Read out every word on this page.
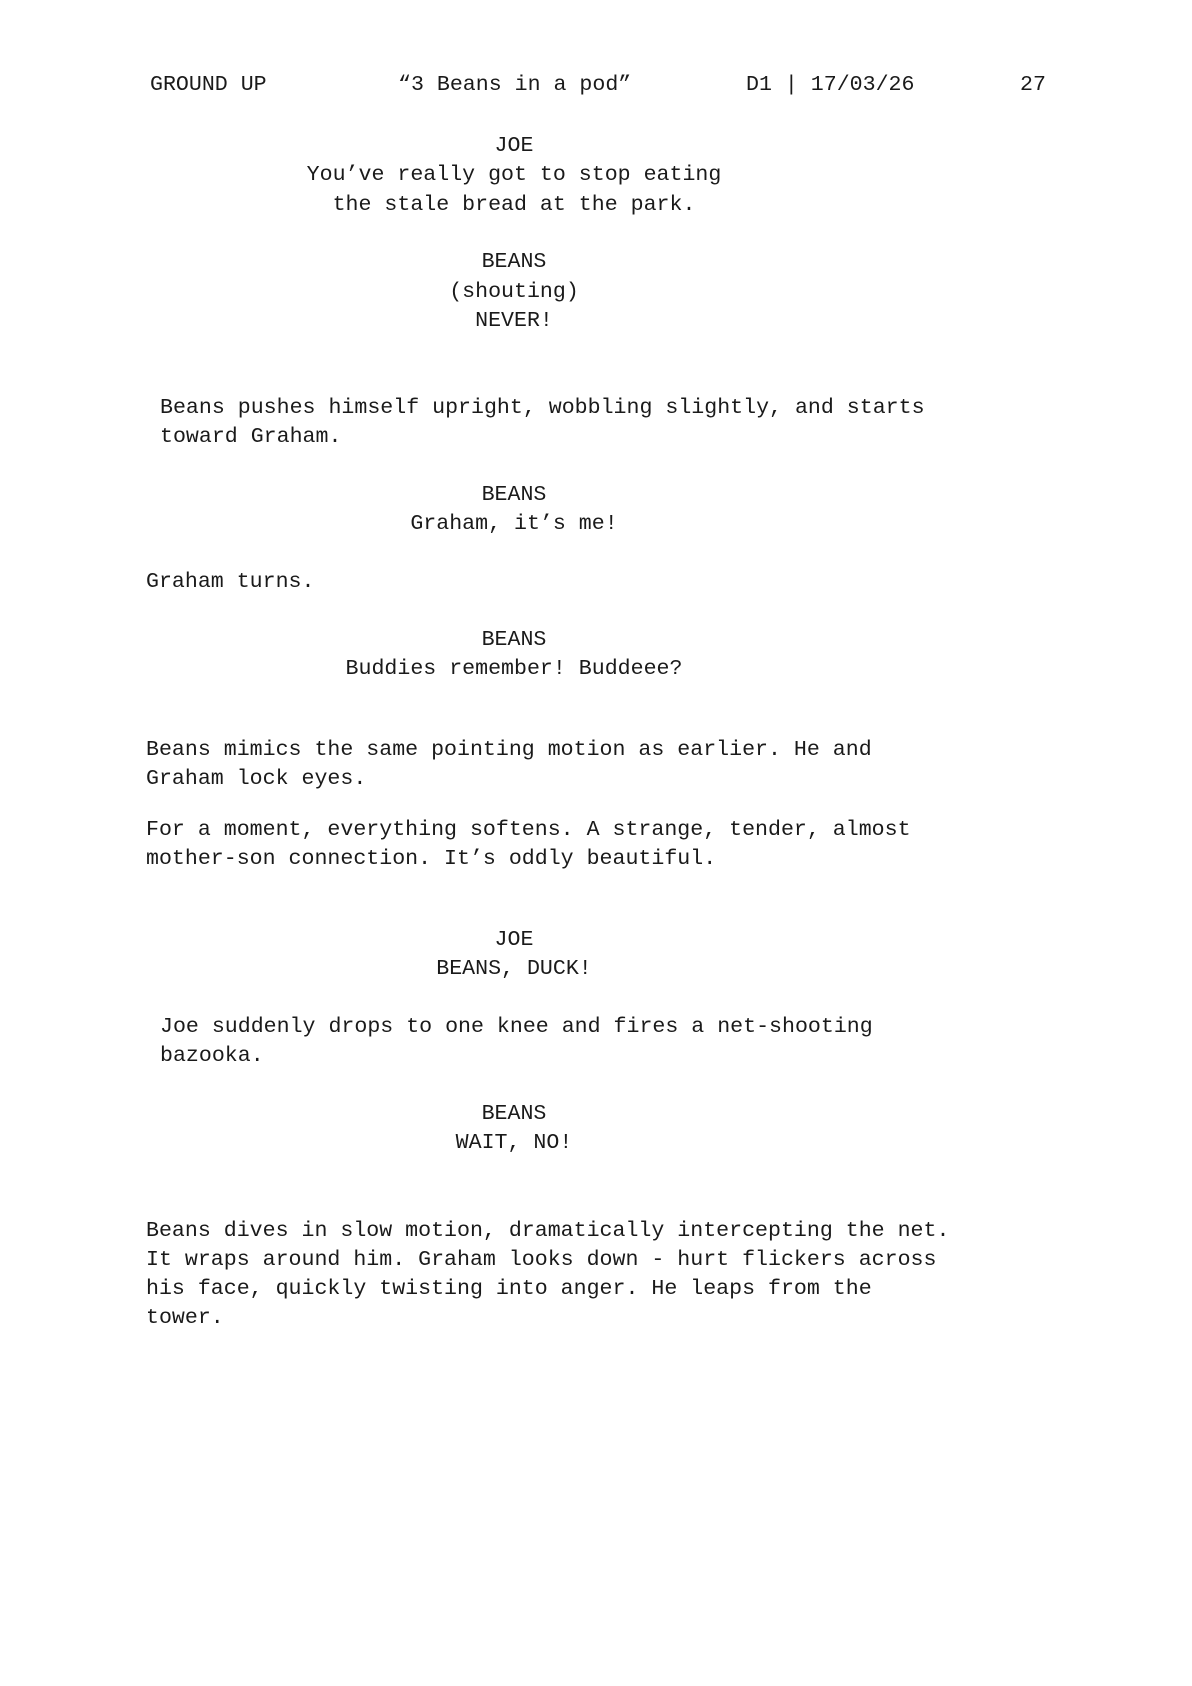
GROUND UP	“3 Beans in a pod”	D1 | 17/03/26	27
JOE
You’ve really got to stop eating
the stale bread at the park.
BEANS
(shouting)
NEVER!
Beans pushes himself upright, wobbling slightly, and starts
toward Graham.
BEANS
Graham, it’s me!
Graham turns.
BEANS
Buddies remember! Buddeee?
Beans mimics the same pointing motion as earlier. He and
Graham lock eyes.
For a moment, everything softens. A strange, tender, almost
mother-son connection. It’s oddly beautiful.
JOE
BEANS, DUCK!
Joe suddenly drops to one knee and fires a net-shooting
bazooka.
BEANS
WAIT, NO!
Beans dives in slow motion, dramatically intercepting the net.
It wraps around him. Graham looks down - hurt flickers across
his face, quickly twisting into anger. He leaps from the
tower.
